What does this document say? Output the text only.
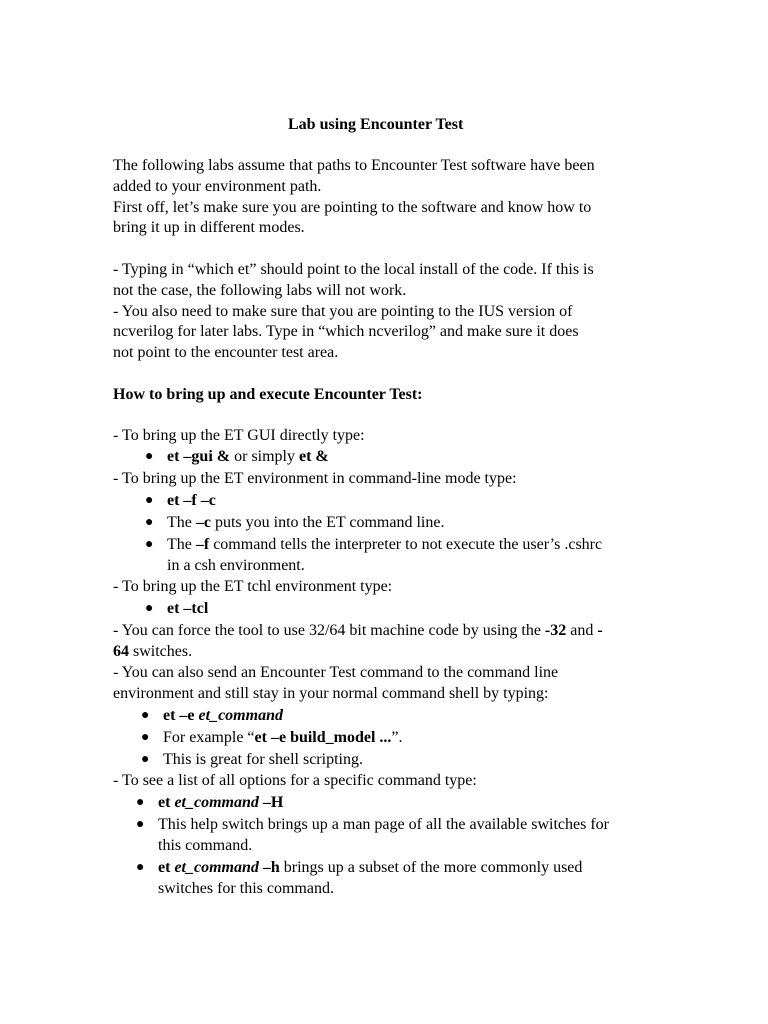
Lab using Encounter Test
The following labs assume that paths to Encounter Test software have been
added to your environment path.
First off, let’s make sure you are pointing to the software and know how to
bring it up in different modes.
- Typing in “which et” should point to the local install of the code. If this is
not the case, the following labs will not work.
- You also need to make sure that you are pointing to the IUS version of
ncverilog for later labs. Type in “which ncverilog” and make sure it does
not point to the encounter test area.
How to bring up and execute Encounter Test:
- To bring up the ET GUI directly type:
● et –gui & or simply et &
- To bring up the ET environment in command-line mode type:
● et –f –c
● The –c puts you into the ET command line.
● The –f command tells the interpreter to not execute the user’s .cshrc
in a csh environment.
- To bring up the ET tchl environment type:
● et –tcl
- You can force the tool to use 32/64 bit machine code by using the -32 and -
64 switches.
- You can also send an Encounter Test command to the command line
environment and still stay in your normal command shell by typing:
● et –e et_command
● For example “et –e build_model ...”.
● This is great for shell scripting.
- To see a list of all options for a specific command type:
● et et_command –H
● This help switch brings up a man page of all the available switches for
this command.
● et et_command –h brings up a subset of the more commonly used
switches for this command.
